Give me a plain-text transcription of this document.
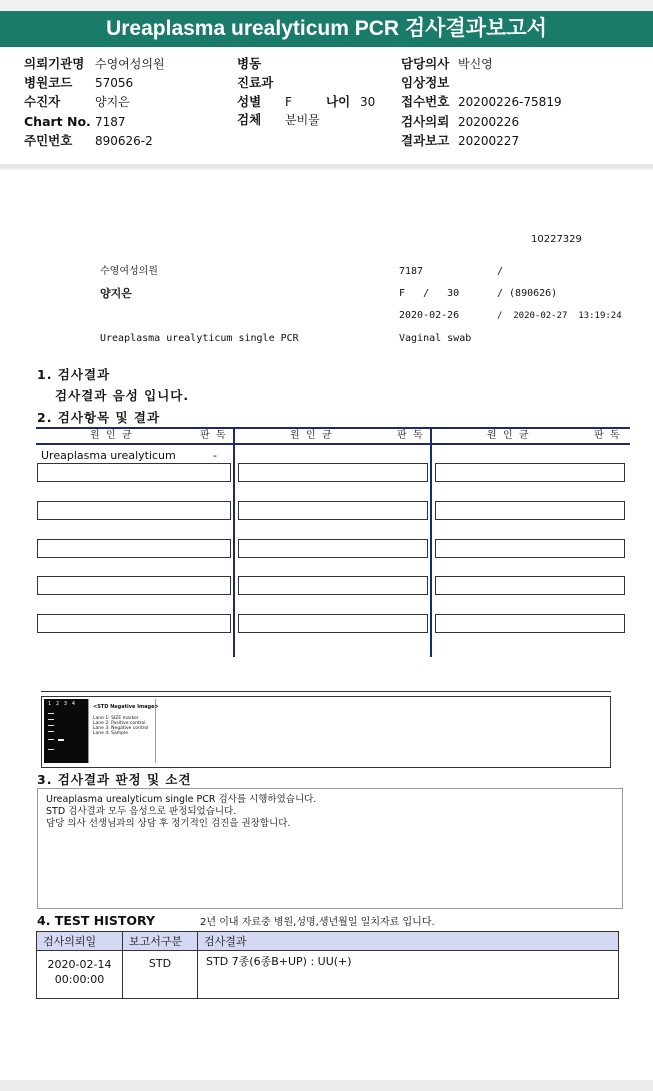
Ureaplasma urealyticum PCR 검사결과보고서
의뢰기관명 수영여성의원
병원코드 57056
수진자	양지은
Chart No. 7187
주민번호 890626-2
병동
진료과
성별 F	나이 30
검체 분비물
담당의사 박신영
임상정보
접수번호 20200226-75819
검사의뢰 20200226
결과보고 20200227
10227329
수영여성의원	7187	/
양지은	F   /   30	/ (890626)
2020-02-26	/  2020-02-27  13:19:24
Ureaplasma urealyticum single PCR	Vaginal swab
1. 검사결과
검사결과 음성 입니다.
2. 검사항목 및 결과
원  인  균	판  독	원  인  균	판  독	원  인  균	판  독
Ureaplasma urealyticum	-
1   2   3   4	<STD Negative Image>
Lane 1: SIZE marker
Lane 2: Positive control
Lane 3: Negative control
Lane 4: Sample
3. 검사결과 판정 및 소견
Ureaplasma urealyticum single PCR 검사를 시행하였습니다.
STD 검사결과 모두 음성으로 판정되었습니다.
담당 의사 선생님과의 상담 후 정기적인 검진을 권장합니다.
4. TEST HISTORY	2년 이내 자료중 병원,성명,생년월일 일치자료 입니다.
검사의뢰일	보고서구분	검사결과

2020-02-14
00:00:00	STD	STD 7종(6종B+UP) : UU(+)
